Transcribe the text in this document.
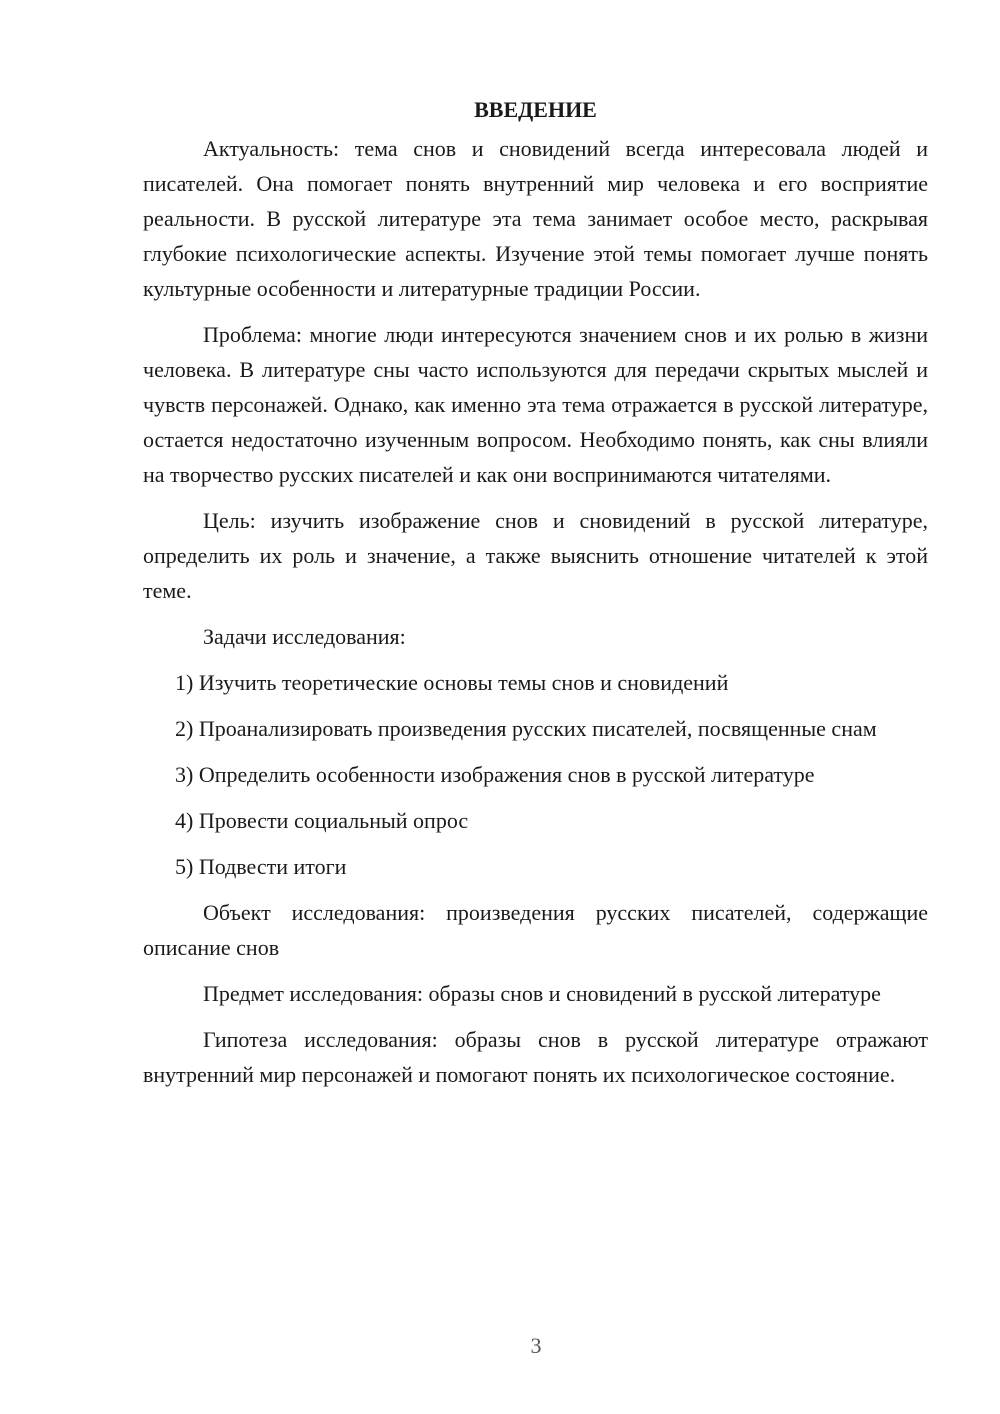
ВВЕДЕНИЕ

Актуальность: тема снов и сновидений всегда интересовала людей и писателей. Она помогает понять внутренний мир человека и его восприятие реальности. В русской литературе эта тема занимает особое место, раскрывая глубокие психологические аспекты. Изучение этой темы помогает лучше понять культурные особенности и литературные традиции России.

Проблема: многие люди интересуются значением снов и их ролью в жизни человека. В литературе сны часто используются для передачи скрытых мыслей и чувств персонажей. Однако, как именно эта тема отражается в русской литературе, остается недостаточно изученным вопросом. Необходимо понять, как сны влияли на творчество русских писателей и как они воспринимаются читателями.

Цель: изучить изображение снов и сновидений в русской литературе, определить их роль и значение, а также выяснить отношение читателей к этой теме.

Задачи исследования:

1) Изучить теоретические основы темы снов и сновидений

2) Проанализировать произведения русских писателей, посвященные снам

3) Определить особенности изображения снов в русской литературе

4) Провести социальный опрос

5) Подвести итоги

Объект исследования: произведения русских писателей, содержащие описание снов

Предмет исследования: образы снов и сновидений в русской литературе

Гипотеза исследования: образы снов в русской литературе отражают внутренний мир персонажей и помогают понять их психологическое состояние.

3
